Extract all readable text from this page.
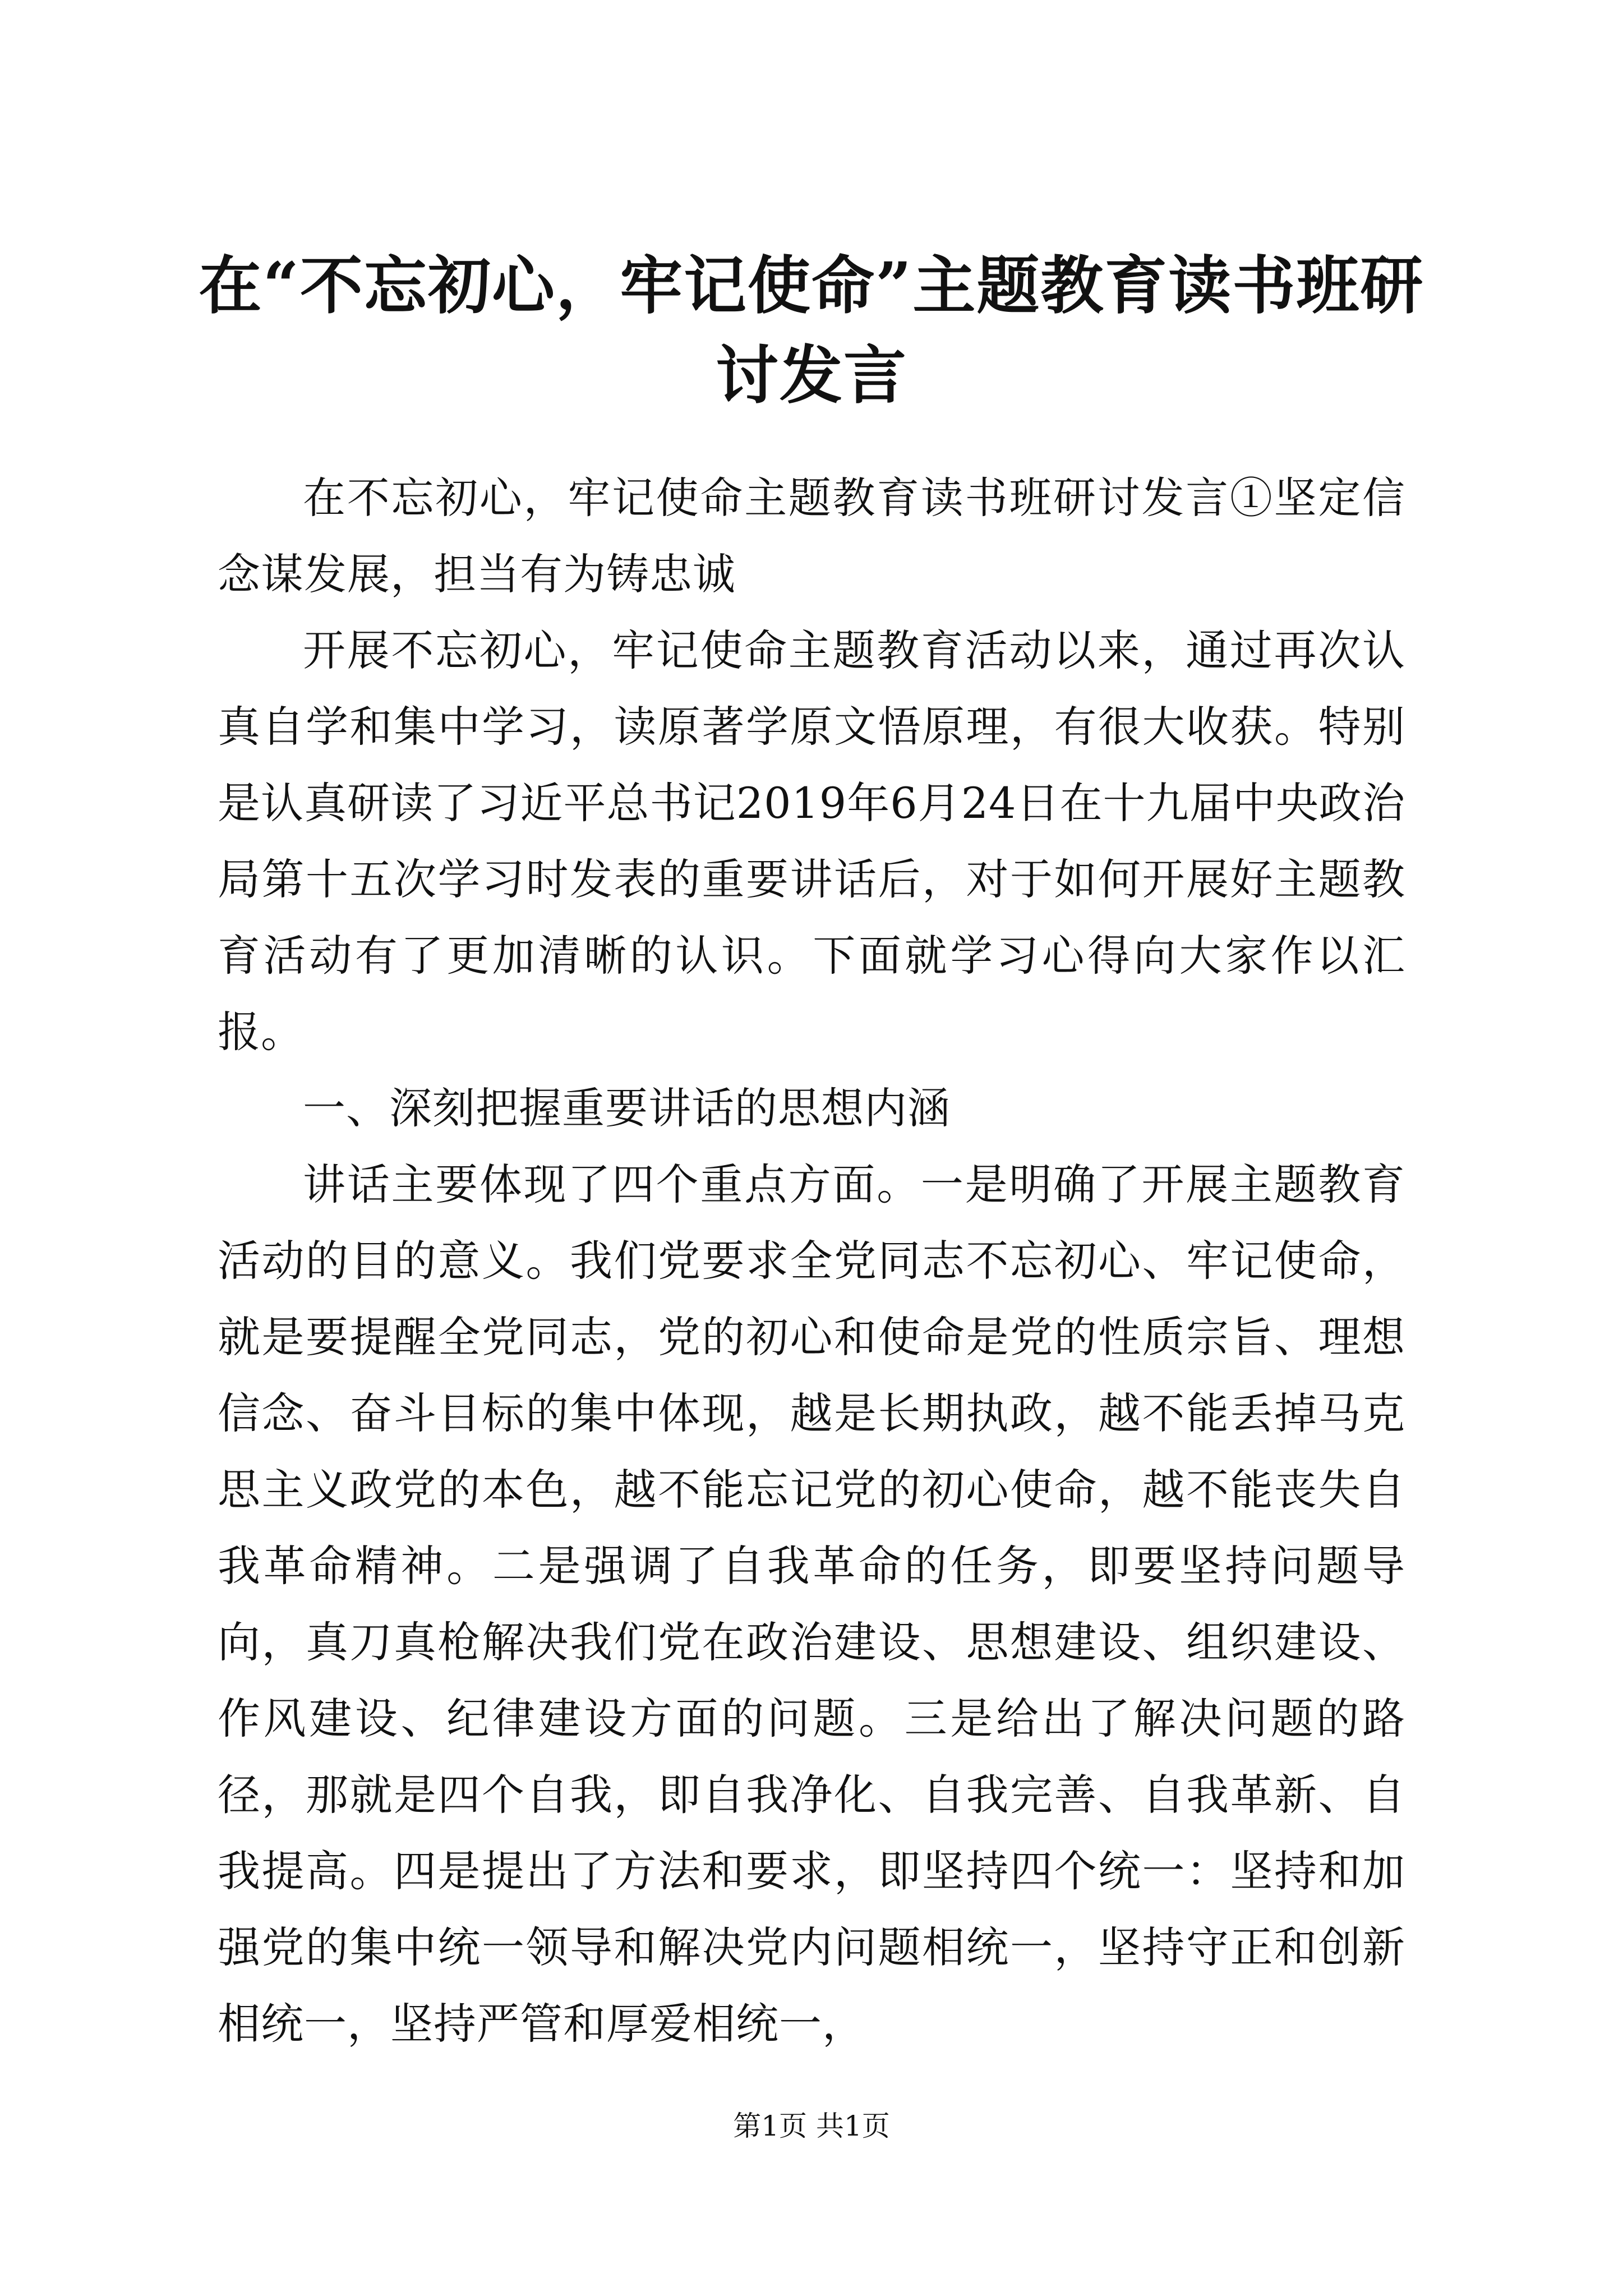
在“不忘初心，牢记使命”主题教育读书班研讨发言

在不忘初心，牢记使命主题教育读书班研讨发言①坚定信念谋发展，担当有为铸忠诚

开展不忘初心，牢记使命主题教育活动以来，通过再次认真自学和集中学习，读原著学原文悟原理，有很大收获。特别是认真研读了习近平总书记2019年6月24日在十九届中央政治局第十五次学习时发表的重要讲话后，对于如何开展好主题教育活动有了更加清晰的认识。下面就学习心得向大家作以汇报。

一、深刻把握重要讲话的思想内涵

讲话主要体现了四个重点方面。一是明确了开展主题教育活动的目的意义。我们党要求全党同志不忘初心、牢记使命，就是要提醒全党同志，党的初心和使命是党的性质宗旨、理想信念、奋斗目标的集中体现，越是长期执政，越不能丢掉马克思主义政党的本色，越不能忘记党的初心使命，越不能丧失自我革命精神。二是强调了自我革命的任务，即要坚持问题导向，真刀真枪解决我们党在政治建设、思想建设、组织建设、作风建设、纪律建设方面的问题。三是给出了解决问题的路径，那就是四个自我，即自我净化、自我完善、自我革新、自我提高。四是提出了方法和要求，即坚持四个统一：坚持和加强党的集中统一领导和解决党内问题相统一，坚持守正和创新相统一，坚持严管和厚爱相统一，

第1页 共1页
